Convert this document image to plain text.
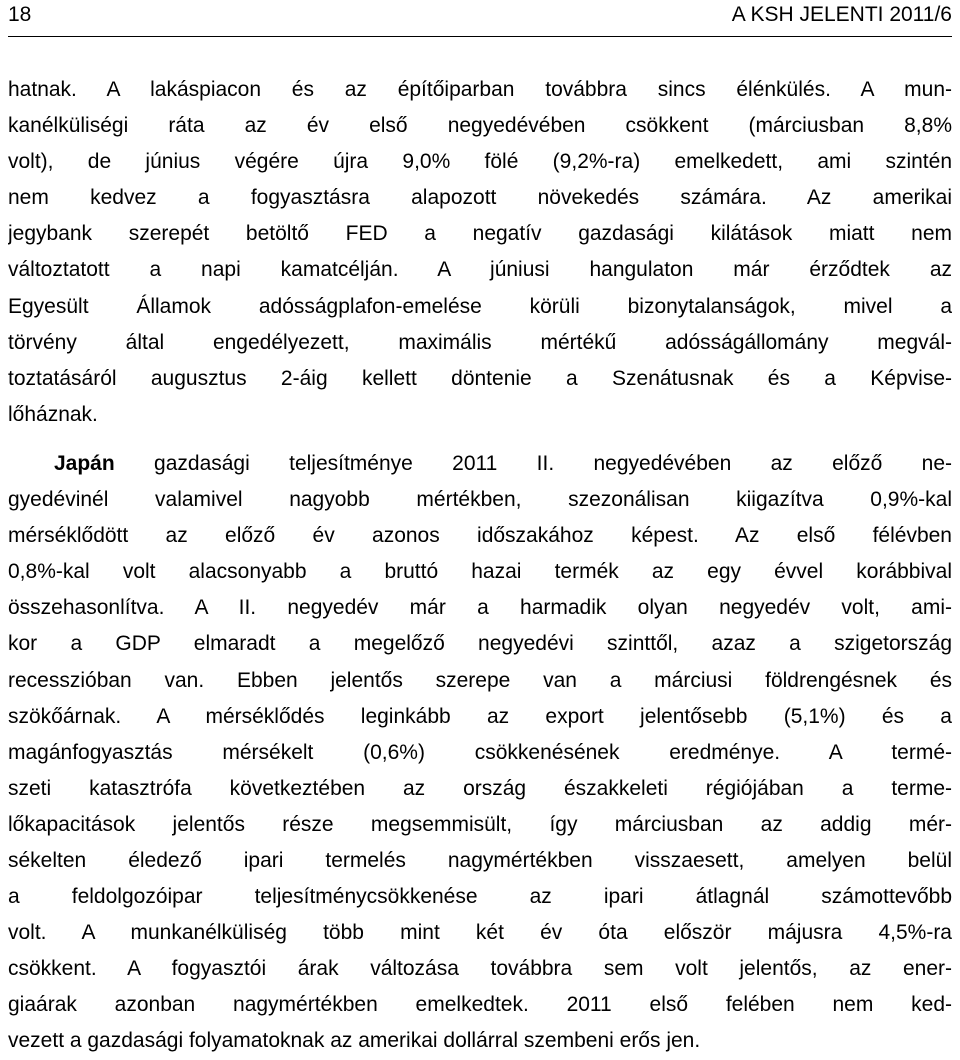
18	A KSH JELENTI 2011/6
hatnak. A lakáspiacon és az építőiparban továbbra sincs élénkülés. A mun-
kanélküliségi ráta az év első negyedévében csökkent (márciusban 8,8%
volt), de június végére újra 9,0% fölé (9,2%-ra) emelkedett, ami szintén
nem kedvez a fogyasztásra alapozott növekedés számára. Az amerikai
jegybank szerepét betöltő FED a negatív gazdasági kilátások miatt nem
változtatott a napi kamatcélján. A júniusi hangulaton már érződtek az
Egyesült Államok adósságplafon-emelése körüli bizonytalanságok, mivel a
törvény által engedélyezett, maximális mértékű adósságállomány megvál-
toztatásáról augusztus 2-áig kellett döntenie a Szenátusnak és a Képvise-
lőháznak.
Japán gazdasági teljesítménye 2011 II. negyedévében az előző ne-
gyedévinél valamivel nagyobb mértékben, szezonálisan kiigazítva 0,9%-kal
mérséklődött az előző év azonos időszakához képest. Az első félévben
0,8%-kal volt alacsonyabb a bruttó hazai termék az egy évvel korábbival
összehasonlítva. A II. negyedév már a harmadik olyan negyedév volt, ami-
kor a GDP elmaradt a megelőző negyedévi szinttől, azaz a szigetország
recesszióban van. Ebben jelentős szerepe van a márciusi földrengésnek és
szökőárnak. A mérséklődés leginkább az export jelentősebb (5,1%) és a
magánfogyasztás mérsékelt (0,6%) csökkenésének eredménye. A termé-
szeti katasztrófa következtében az ország északkeleti régiójában a terme-
lőkapacitások jelentős része megsemmisült, így márciusban az addig mér-
sékelten éledező ipari termelés nagymértékben visszaesett, amelyen belül
a feldolgozóipar teljesítménycsökkenése az ipari átlagnál számottevőbb
volt. A munkanélküliség több mint két év óta először májusra 4,5%-ra
csökkent. A fogyasztói árak változása továbbra sem volt jelentős, az ener-
giaárak azonban nagymértékben emelkedtek. 2011 első felében nem ked-
vezett a gazdasági folyamatoknak az amerikai dollárral szembeni erős jen.
